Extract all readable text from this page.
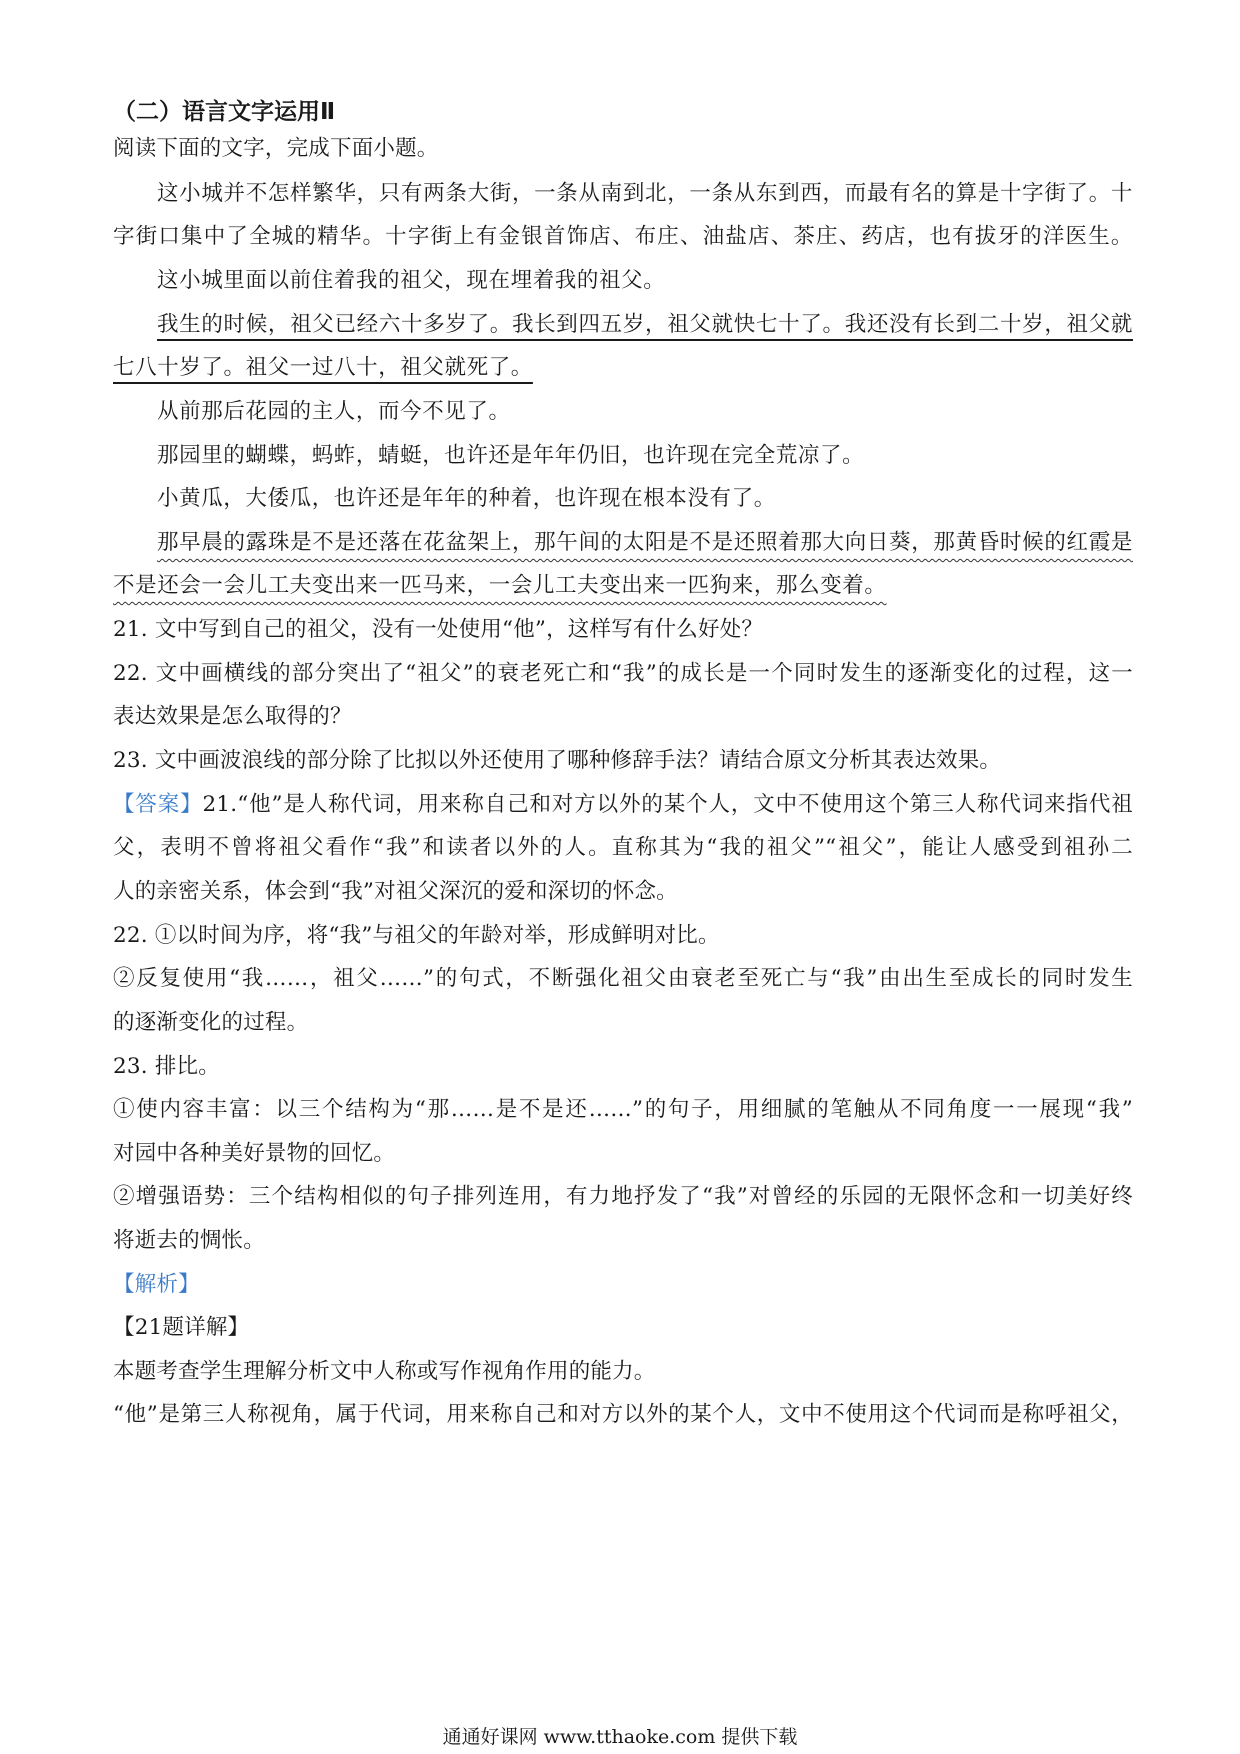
（二）语言文字运用Ⅱ
阅读下面的文字，完成下面小题。
这小城并不怎样繁华，只有两条大街，一条从南到北，一条从东到西，而最有名的算是十字街了。十
字街口集中了全城的精华。十字街上有金银首饰店、布庄、油盐店、茶庄、药店，也有拔牙的洋医生。
这小城里面以前住着我的祖父，现在埋着我的祖父。
我生的时候，祖父已经六十多岁了。我长到四五岁，祖父就快七十了。我还没有长到二十岁，祖父就
七八十岁了。祖父一过八十，祖父就死了。
从前那后花园的主人，而今不见了。
那园里的蝴蝶，蚂蚱，蜻蜓，也许还是年年仍旧，也许现在完全荒凉了。
小黄瓜，大倭瓜，也许还是年年的种着，也许现在根本没有了。
那早晨的露珠是不是还落在花盆架上，那午间的太阳是不是还照着那大向日葵，那黄昏时候的红霞是
不是还会一会儿工夫变出来一匹马来，一会儿工夫变出来一匹狗来，那么变着。
21. 文中写到自己的祖父，没有一处使用“他”，这样写有什么好处？
22. 文中画横线的部分突出了“祖父”的衰老死亡和“我”的成长是一个同时发生的逐渐变化的过程，这一
表达效果是怎么取得的？
23. 文中画波浪线的部分除了比拟以外还使用了哪种修辞手法？请结合原文分析其表达效果。
【答案】21.“他”是人称代词，用来称自己和对方以外的某个人，文中不使用这个第三人称代词来指代祖
父，表明不曾将祖父看作“我”和读者以外的人。直称其为“我的祖父”“祖父”，能让人感受到祖孙二
人的亲密关系，体会到“我”对祖父深沉的爱和深切的怀念。
22. ①以时间为序，将“我”与祖父的年龄对举，形成鲜明对比。
②反复使用“我……，祖父……”的句式，不断强化祖父由衰老至死亡与“我”由出生至成长的同时发生
的逐渐变化的过程。
23. 排比。
①使内容丰富：以三个结构为“那……是不是还……”的句子，用细腻的笔触从不同角度一一展现“我”
对园中各种美好景物的回忆。
②增强语势：三个结构相似的句子排列连用，有力地抒发了“我”对曾经的乐园的无限怀念和一切美好终
将逝去的惆怅。
【解析】
【21题详解】
本题考查学生理解分析文中人称或写作视角作用的能力。
“他”是第三人称视角，属于代词，用来称自己和对方以外的某个人，文中不使用这个代词而是称呼祖父，
通通好课网 www.tthaoke.com 提供下载
